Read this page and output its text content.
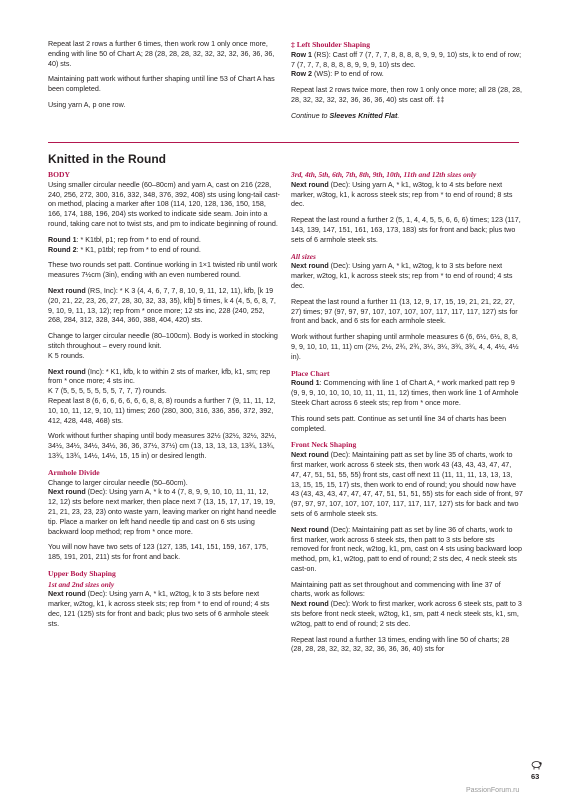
Repeat last 2 rows a further 6 times, then work row 1 only once more, ending with line 50 of Chart A; 28 (28, 28, 28, 32, 32, 32, 32, 36, 36, 36, 40) sts.

Maintaining patt work without further shaping until line 53 of Chart A has been completed.

Using yarn A, p one row.

‡ Left Shoulder Shaping

Row 1 (RS): Cast off 7 (7, 7, 7, 8, 8, 8, 8, 9, 9, 9, 10) sts, k to end of row; 7 (7, 7, 7, 8, 8, 8, 8, 9, 9, 9, 10) sts dec.

Row 2 (WS): P to end of row.

Repeat last 2 rows twice more, then row 1 only once more; all 28 (28, 28, 28, 32, 32, 32, 32, 36, 36, 36, 40) sts cast off. ‡‡

Continue to Sleeves Knitted Flat.

Knitted in the Round
BODY

Using smaller circular needle (60–80cm) and yarn A, cast on 216 (228, 240, 256, 272, 300, 316, 332, 348, 376, 392, 408) sts using long-tail cast-on method, placing a marker after 108 (114, 120, 128, 136, 150, 158, 166, 174, 188, 196, 204) sts worked to indicate side seam. Join into a round, taking care not to twist sts, and pm to indicate beginning of round.

Round 1: * K1tbl, p1; rep from * to end of round.

Round 2: * K1, p1tbl; rep from * to end of round.

These two rounds set patt. Continue working in 1×1 twisted rib until work measures 7½cm (3in), ending with an even numbered round.

Next round (RS, Inc): * K 3 (4, 4, 6, 7, 7, 8, 10, 9, 11, 12, 11), kfb, [k 19 (20, 21, 22, 23, 26, 27, 28, 30, 32, 33, 35), kfb] 5 times, k 4 (4, 5, 6, 8, 7, 9, 10, 9, 11, 13, 12); rep from * once more; 12 sts inc, 228 (240, 252, 268, 284, 312, 328, 344, 360, 388, 404, 420) sts.

Change to larger circular needle (80–100cm). Body is worked in stocking stitch throughout – every round knit.

K 5 rounds.

Next round (Inc): * K1, kfb, k to within 2 sts of marker, kfb, k1, sm; rep from * once more; 4 sts inc.

K 7 (5, 5, 5, 5, 5, 5, 5, 7, 7, 7) rounds.

Repeat last 8 (6, 6, 6, 6, 6, 6, 6, 8, 8, 8) rounds a further 7 (9, 11, 11, 12, 10, 10, 11, 12, 9, 10, 11) times; 260 (280, 300, 316, 336, 356, 372, 392, 412, 428, 448, 468) sts.

Work without further shaping until body measures 32½ (32½, 32½, 32½, 34½, 34½, 34½, 34½, 36, 36, 37½, 37½) cm (13, 13, 13, 13, 13¾, 13¾, 13¾, 13¾, 14½, 14½, 15, 15 in) or desired length.

Armhole Divide

Change to larger circular needle (50–60cm).

Next round (Dec): Using yarn A, * k to 4 (7, 8, 9, 9, 10, 10, 11, 11, 12, 12, 12) sts before next marker, then place next 7 (13, 15, 17, 17, 19, 19, 21, 21, 23, 23, 23) onto waste yarn, leaving marker on right hand needle tip. Place a marker on left hand needle tip and cast on 6 sts using backward loop method; rep from * once more.

You will now have two sets of 123 (127, 135, 141, 151, 159, 167, 175, 185, 191, 201, 211) sts for front and back.

Upper Body Shaping
1st and 2nd sizes only

Next round (Dec): Using yarn A, * k1, w2tog, k to 3 sts before next marker, w2tog, k1, k across steek sts; rep from * to end of round; 4 sts dec, 121 (125) sts for front and back; plus two sets of 6 armhole steek sts.

3rd, 4th, 5th, 6th, 7th, 8th, 9th, 10th, 11th and 12th sizes only

Next round (Dec): Using yarn A, * k1, w3tog, k to 4 sts before next marker, w3tog, k1, k across steek sts; rep from * to end of round; 8 sts dec.

Repeat the last round a further 2 (5, 1, 4, 4, 5, 5, 6, 6, 6) times; 123 (117, 143, 139, 147, 151, 161, 163, 173, 183) sts for front and back; plus two sets of 6 armhole steek sts.

All sizes

Next round (Dec): Using yarn A, * k1, w2tog, k to 3 sts before next marker, w2tog, k1, k across steek sts; rep from * to end of round; 4 sts dec.

Repeat the last round a further 11 (13, 12, 9, 17, 15, 19, 21, 21, 22, 27, 27) times; 97 (97, 97, 97, 107, 107, 107, 107, 117, 117, 117, 127) sts for front and back, and 6 sts for each armhole steek.

Work without further shaping until armhole measures 6 (6, 6½, 6½, 8, 8, 9, 9, 10, 10, 11, 11) cm (2½, 2½, 2¾, 2¾, 3¼, 3¼, 3¾, 3¾, 4, 4, 4½, 4½ in).

Place Chart

Round 1: Commencing with line 1 of Chart A, * work marked patt rep 9 (9, 9, 9, 10, 10, 10, 10, 11, 11, 11, 12) times, then work line 1 of Armhole Steek Chart across 6 steek sts; rep from * once more.

This round sets patt. Continue as set until line 34 of charts has been completed.

Front Neck Shaping

Next round (Dec): Maintaining patt as set by line 35 of charts, work to first marker, work across 6 steek sts, then work 43 (43, 43, 43, 47, 47, 47, 47, 51, 51, 55, 55) front sts, cast off next 11 (11, 11, 11, 13, 13, 13, 13, 15, 15, 15, 17) sts, then work to end of round; you should now have 43 (43, 43, 43, 47, 47, 47, 47, 51, 51, 51, 55) sts for each side of front, 97 (97, 97, 97, 107, 107, 107, 107, 117, 117, 117, 127) sts for back and two sets of 6 armhole steek sts.

Next round (Dec): Maintaining patt as set by line 36 of charts, work to first marker, work across 6 steek sts, then patt to 3 sts before sts removed for front neck, w2tog, k1, pm, cast on 4 sts using backward loop method, pm, k1, w2tog, patt to end of round; 2 sts dec, 4 neck steek sts cast-on.

Maintaining patt as set throughout and commencing with line 37 of charts, work as follows:

Next round (Dec): Work to first marker, work across 6 steek sts, patt to 3 sts before front neck steek, w2tog, k1, sm, patt 4 neck steek sts, k1, sm, w2tog, patt to end of round; 2 sts dec.

Repeat last round a further 13 times, ending with line 50 of charts; 28 (28, 28, 28, 32, 32, 32, 32, 36, 36, 36, 40) sts for

63
PassionForum.ru
